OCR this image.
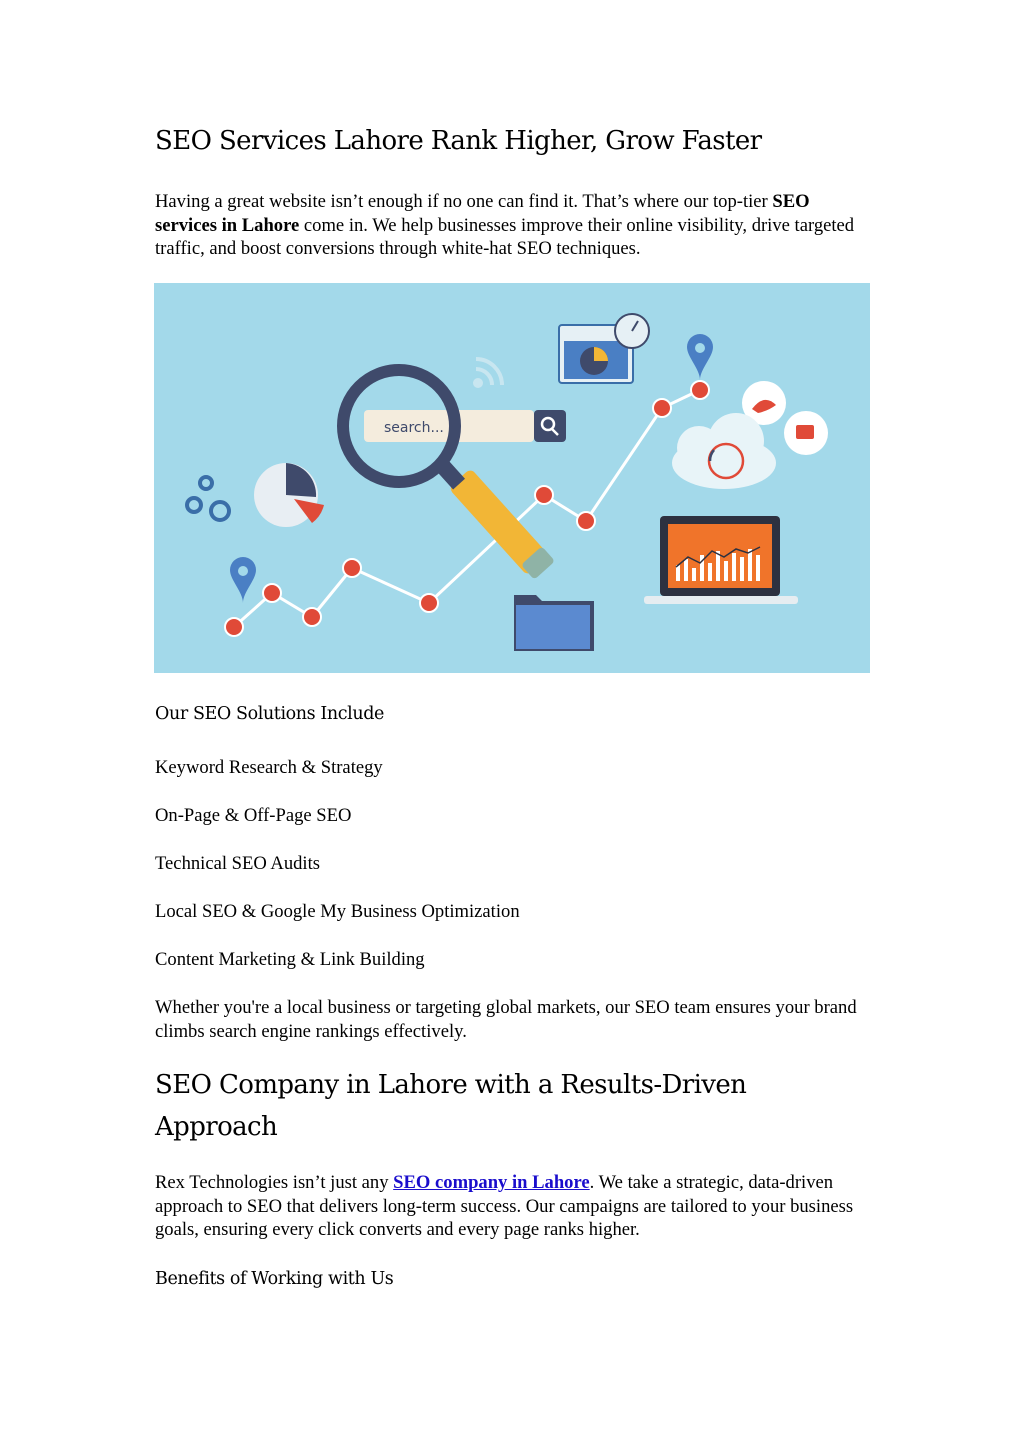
SEO Services Lahore Rank Higher, Grow Faster

Having a great website isn’t enough if no one can find it. That’s where our top-tier SEO services in Lahore come in. We help businesses improve their online visibility, drive targeted traffic, and boost conversions through white-hat SEO techniques.

search...
Our SEO Solutions Include

Keyword Research & Strategy

On-Page & Off-Page SEO

Technical SEO Audits

Local SEO & Google My Business Optimization

Content Marketing & Link Building

Whether you're a local business or targeting global markets, our SEO team ensures your brand climbs search engine rankings effectively.

SEO Company in Lahore with a Results-Driven Approach

Rex Technologies isn’t just any SEO company in Lahore. We take a strategic, data-driven approach to SEO that delivers long-term success. Our campaigns are tailored to your business goals, ensuring every click converts and every page ranks higher.

Benefits of Working with Us
